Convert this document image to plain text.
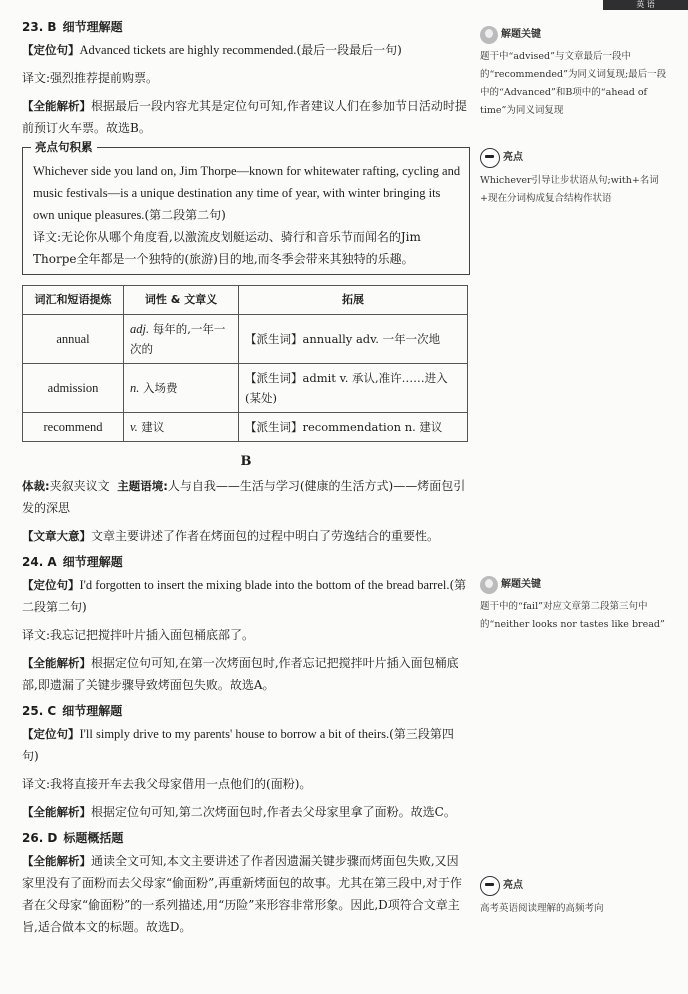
英 语
23. B 细节理解题

【定位句】Advanced tickets are highly recommended.(最后一段最后一句)

译文:强烈推荐提前购票。

【全能解析】根据最后一段内容尤其是定位句可知,作者建议人们在参加节日活动时提前预订火车票。故选B。

亮点句积累

Whichever side you land on, Jim Thorpe—known for whitewater rafting, cycling and music festivals—is a unique destination any time of year, with winter bringing its own unique pleasures.(第二段第二句)

译文:无论你从哪个角度看,以激流皮划艇运动、骑行和音乐节而闻名的Jim Thorpe全年都是一个独特的(旅游)目的地,而冬季会带来其独特的乐趣。

词汇和短语提炼	词性 & 文章义	拓展
annual	adj. 每年的,一年一次的	【派生词】annually adv. 一年一次地
admission	n. 入场费	【派生词】admit v. 承认,准许……进入(某处)
recommend	v. 建议	【派生词】recommendation n. 建议
B

体裁:夹叙夹议文 主题语境:人与自我——生活与学习(健康的生活方式)——烤面包引发的深思

【文章大意】文章主要讲述了作者在烤面包的过程中明白了劳逸结合的重要性。

24. A 细节理解题

【定位句】I'd forgotten to insert the mixing blade into the bottom of the bread barrel.(第二段第二句)

译文:我忘记把搅拌叶片插入面包桶底部了。

【全能解析】根据定位句可知,在第一次烤面包时,作者忘记把搅拌叶片插入面包桶底部,即遗漏了关键步骤导致烤面包失败。故选A。

25. C 细节理解题

【定位句】I'll simply drive to my parents' house to borrow a bit of theirs.(第三段第四句)

译文:我将直接开车去我父母家借用一点他们的(面粉)。

【全能解析】根据定位句可知,第二次烤面包时,作者去父母家里拿了面粉。故选C。

26. D 标题概括题

【全能解析】通读全文可知,本文主要讲述了作者因遗漏关键步骤而烤面包失败,又因家里没有了面粉而去父母家“偷面粉”,再重新烤面包的故事。尤其在第三段中,对于作者在父母家“偷面粉”的一系列描述,用“历险”来形容非常形象。因此,D项符合文章主旨,适合做本文的标题。故选D。

解题关键
题干中“advised”与文章最后一段中的“recommended”为同义词复现;最后一段中的“Advanced”和B项中的“ahead of time”为同义词复现
亮点
Whichever引导让步状语从句;with+名词+现在分词构成复合结构作状语
解题关键
题干中的“fail”对应文章第二段第三句中的“neither looks nor tastes like bread”
亮点
高考英语阅读理解的高频考向
